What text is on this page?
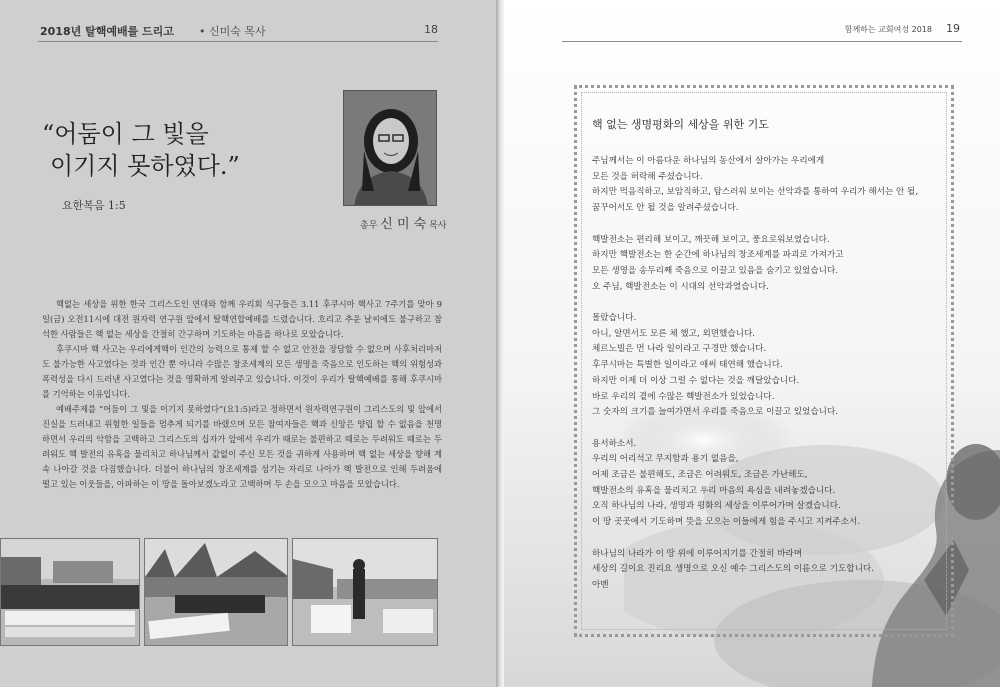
2018년 탈핵예배를 드리고 • 신미숙 목사	18
“어둠이 그 빛을
이기지 못하였다.”
요한복음 1:5
총무 신 미 숙 목사

핵없는 세상을 위한 한국 그리스도인 연대와 함께 우리회 식구들은 3.11 후쿠시마 핵사고 7주기를 맞아 9일(금) 오전11시에 대전 원자력 연구원 앞에서 탈핵연합예배를 드렸습니다. 흐리고 추운 날씨에도 불구하고 참석한 사람들은 핵 없는 세상을 간절히 간구하며 기도하는 마음을 하나로 모았습니다.

후쿠시마 핵 사고는 우리에게핵이 인간의 능력으로 통제 할 수 없고 안전을 장담할 수 없으며 사후처리마저도 불가능한 사고였다는 것과 인간 뿐 아니라 수많은 창조세계의 모든 생명을 죽음으로 인도하는 핵의 위험성과 폭력성을 다시 드러낸 사고였다는 것을 명확하게 알려주고 있습니다. 이것이 우리가 탈핵예배를 통해 후쿠시마를 기억하는 이유입니다.

예배주제를 “어둠이 그 빛을 이기지 못하였다”(요1:5)라고 정하면서 원자력연구원이 그리스도의 빛 앞에서 진실을 드러내고 위험한 일들을 멈추게 되기를 바랬으며 모든 참여자들은 핵과 신앙은 양립 할 수 없음을 천명하면서 우리의 악함을 고백하고 그리스도의 십자가 앞에서 우리가 때로는 불편하고 때로는 두려워도 때로는 두려워도 핵 발전의 유혹을 물리치고 하나님께서 값없이 주신 모든 것을 귀하게 사용하며 핵 없는 세상을 향해 계속 나아갈 것을 다짐했습니다. 더불어 하나님의 창조세계를 섬기는 자리로 나아가 핵 발전으로 인해 두려움에 떨고 있는 이웃들을, 아파하는 이 땅을 돌아보겠노라고 고백하며 두 손을 모으고 마음을 모았습니다.

함께하는 교회여성 2018 19
핵 없는 생명평화의 세상을 위한 기도
주님께서는 이 아름다운 하나님의 동산에서 살아가는 우리에게
모든 것을 허락해 주셨습니다.
하지만 먹음직하고, 보암직하고, 탐스러워 보이는 선악과를 통하여 우리가 해서는 안 될,
꿈꾸어서도 안 될 것을 알려주셨습니다.
핵발전소는 편리해 보이고, 깨끗해 보이고, 풍요로워보였습니다.
하지만 핵발전소는 한 순간에 하나님의 창조세계를 파괴로 가져가고
모든 생명을 송두리째 죽음으로 이끌고 있음을 숨기고 있었습니다.
오 주님, 핵발전소는 이 시대의 선악과였습니다.
몰랐습니다.
아니, 알면서도 모른 체 했고, 외면했습니다.
체르노빌은 먼 나라 일이라고 구경만 했습니다.
후쿠시마는 특별한 일이라고 애써 태연해 했습니다.
하지만 이제 더 이상 그럴 수 없다는 것을 깨달았습니다.
바로 우리의 곁에 수많은 핵발전소가 있었습니다.
그 숫자의 크기를 늘여가면서 우리를 죽음으로 이끌고 있었습니다.
용서하소서.
우리의 어리석고 무지함과 용기 없음을,
어제 조금은 불편해도, 조금은 어려워도, 조금은 가난해도,
핵발전소의 유혹을 물리치고 우리 마음의 욕심을 내려놓겠습니다.
오직 하나님의 나라, 생명과 평화의 세상을 이루어가며 살겠습니다.
이 땅 곳곳에서 기도하며 뜻을 모으는 이들에게 힘을 주시고 지켜주소서.
하나님의 나라가 이 땅 위에 이루어지기를 간절히 바라며
세상의 길이요 진리요 생명으로 오신 예수 그리스도의 이름으로 기도합니다.
아멘
